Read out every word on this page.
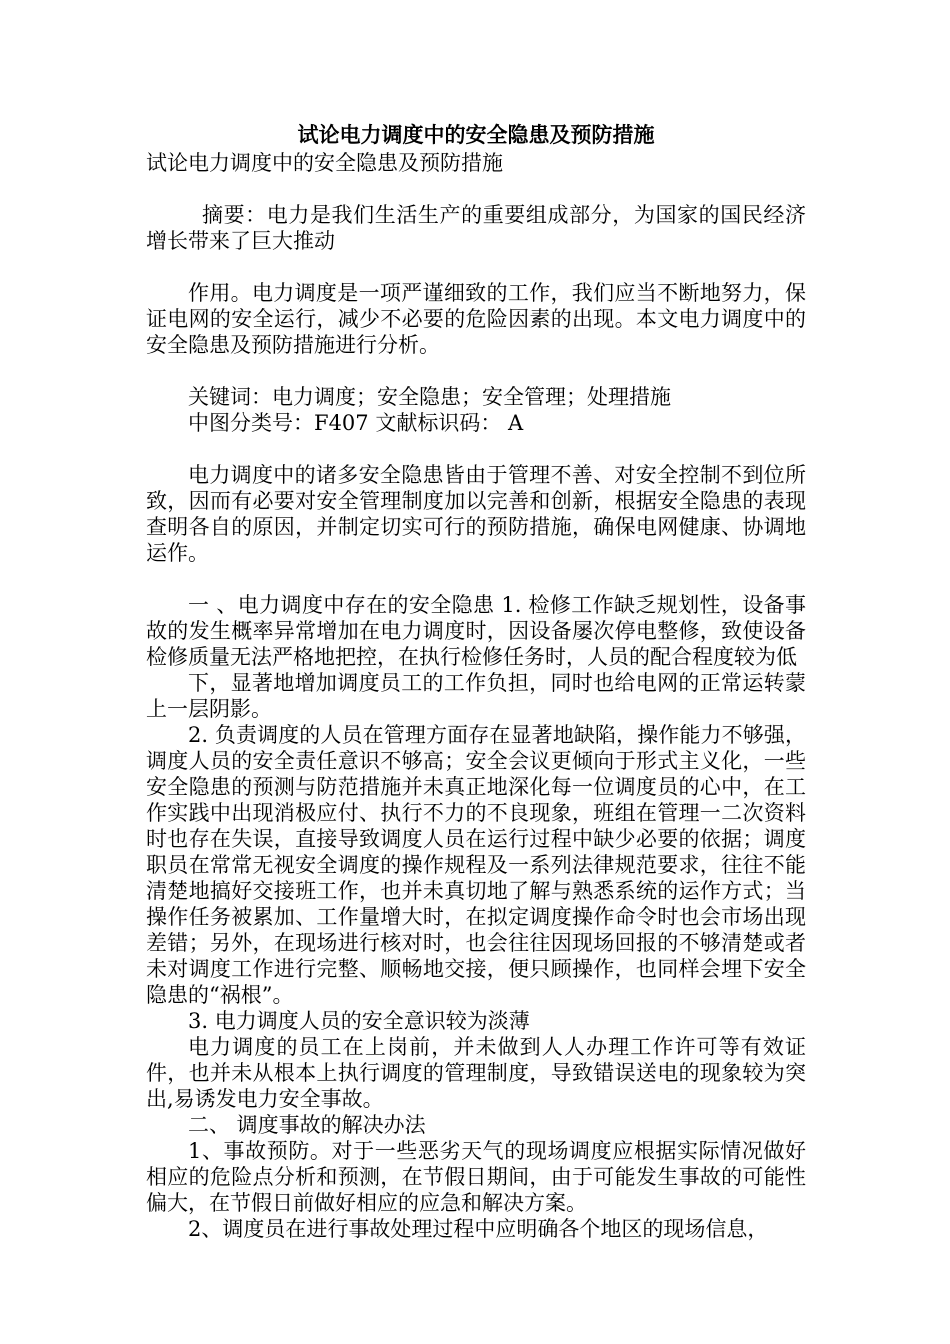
试论电力调度中的安全隐患及预防措施

试论电力调度中的安全隐患及预防措施

摘要：电力是我们生活生产的重要组成部分，为国家的国民经济增长带来了巨大推动

作用。电力调度是一项严谨细致的工作，我们应当不断地努力，保证电网的安全运行，减少不必要的危险因素的出现。本文电力调度中的安全隐患及预防措施进行分析。

关键词：电力调度；安全隐患；安全管理；处理措施

中图分类号：F407 文献标识码： A

电力调度中的诸多安全隐患皆由于管理不善、对安全控制不到位所致，因而有必要对安全管理制度加以完善和创新，根据安全隐患的表现查明各自的原因，并制定切实可行的预防措施，确保电网健康、协调地运作。

一 、电力调度中存在的安全隐患 1. 检修工作缺乏规划性，设备事故的发生概率异常增加在电力调度时，因设备屡次停电整修，致使设备检修质量无法严格地把控，在执行检修任务时，人员的配合程度较为低

下，显著地增加调度员工的工作负担，同时也给电网的正常运转蒙上一层阴影。

2. 负责调度的人员在管理方面存在显著地缺陷，操作能力不够强，调度人员的安全责任意识不够高；安全会议更倾向于形式主义化，一些安全隐患的预测与防范措施并未真正地深化每一位调度员的心中，在工作实践中出现消极应付、执行不力的不良现象，班组在管理一二次资料时也存在失误，直接导致调度人员在运行过程中缺少必要的依据；调度职员在常常无视安全调度的操作规程及一系列法律规范要求，往往不能清楚地搞好交接班工作，也并未真切地了解与熟悉系统的运作方式；当操作任务被累加、工作量增大时，在拟定调度操作命令时也会市场出现差错；另外，在现场进行核对时，也会往往因现场回报的不够清楚或者未对调度工作进行完整、顺畅地交接，便只顾操作，也同样会埋下安全隐患的“祸根”。

3. 电力调度人员的安全意识较为淡薄

电力调度的员工在上岗前，并未做到人人办理工作许可等有效证件，也并未从根本上执行调度的管理制度，导致错误送电的现象较为突出,易诱发电力安全事故。

二、 调度事故的解决办法

1、事故预防。对于一些恶劣天气的现场调度应根据实际情况做好相应的危险点分析和预测，在节假日期间，由于可能发生事故的可能性偏大，在节假日前做好相应的应急和解决方案。

2、调度员在进行事故处理过程中应明确各个地区的现场信息，
